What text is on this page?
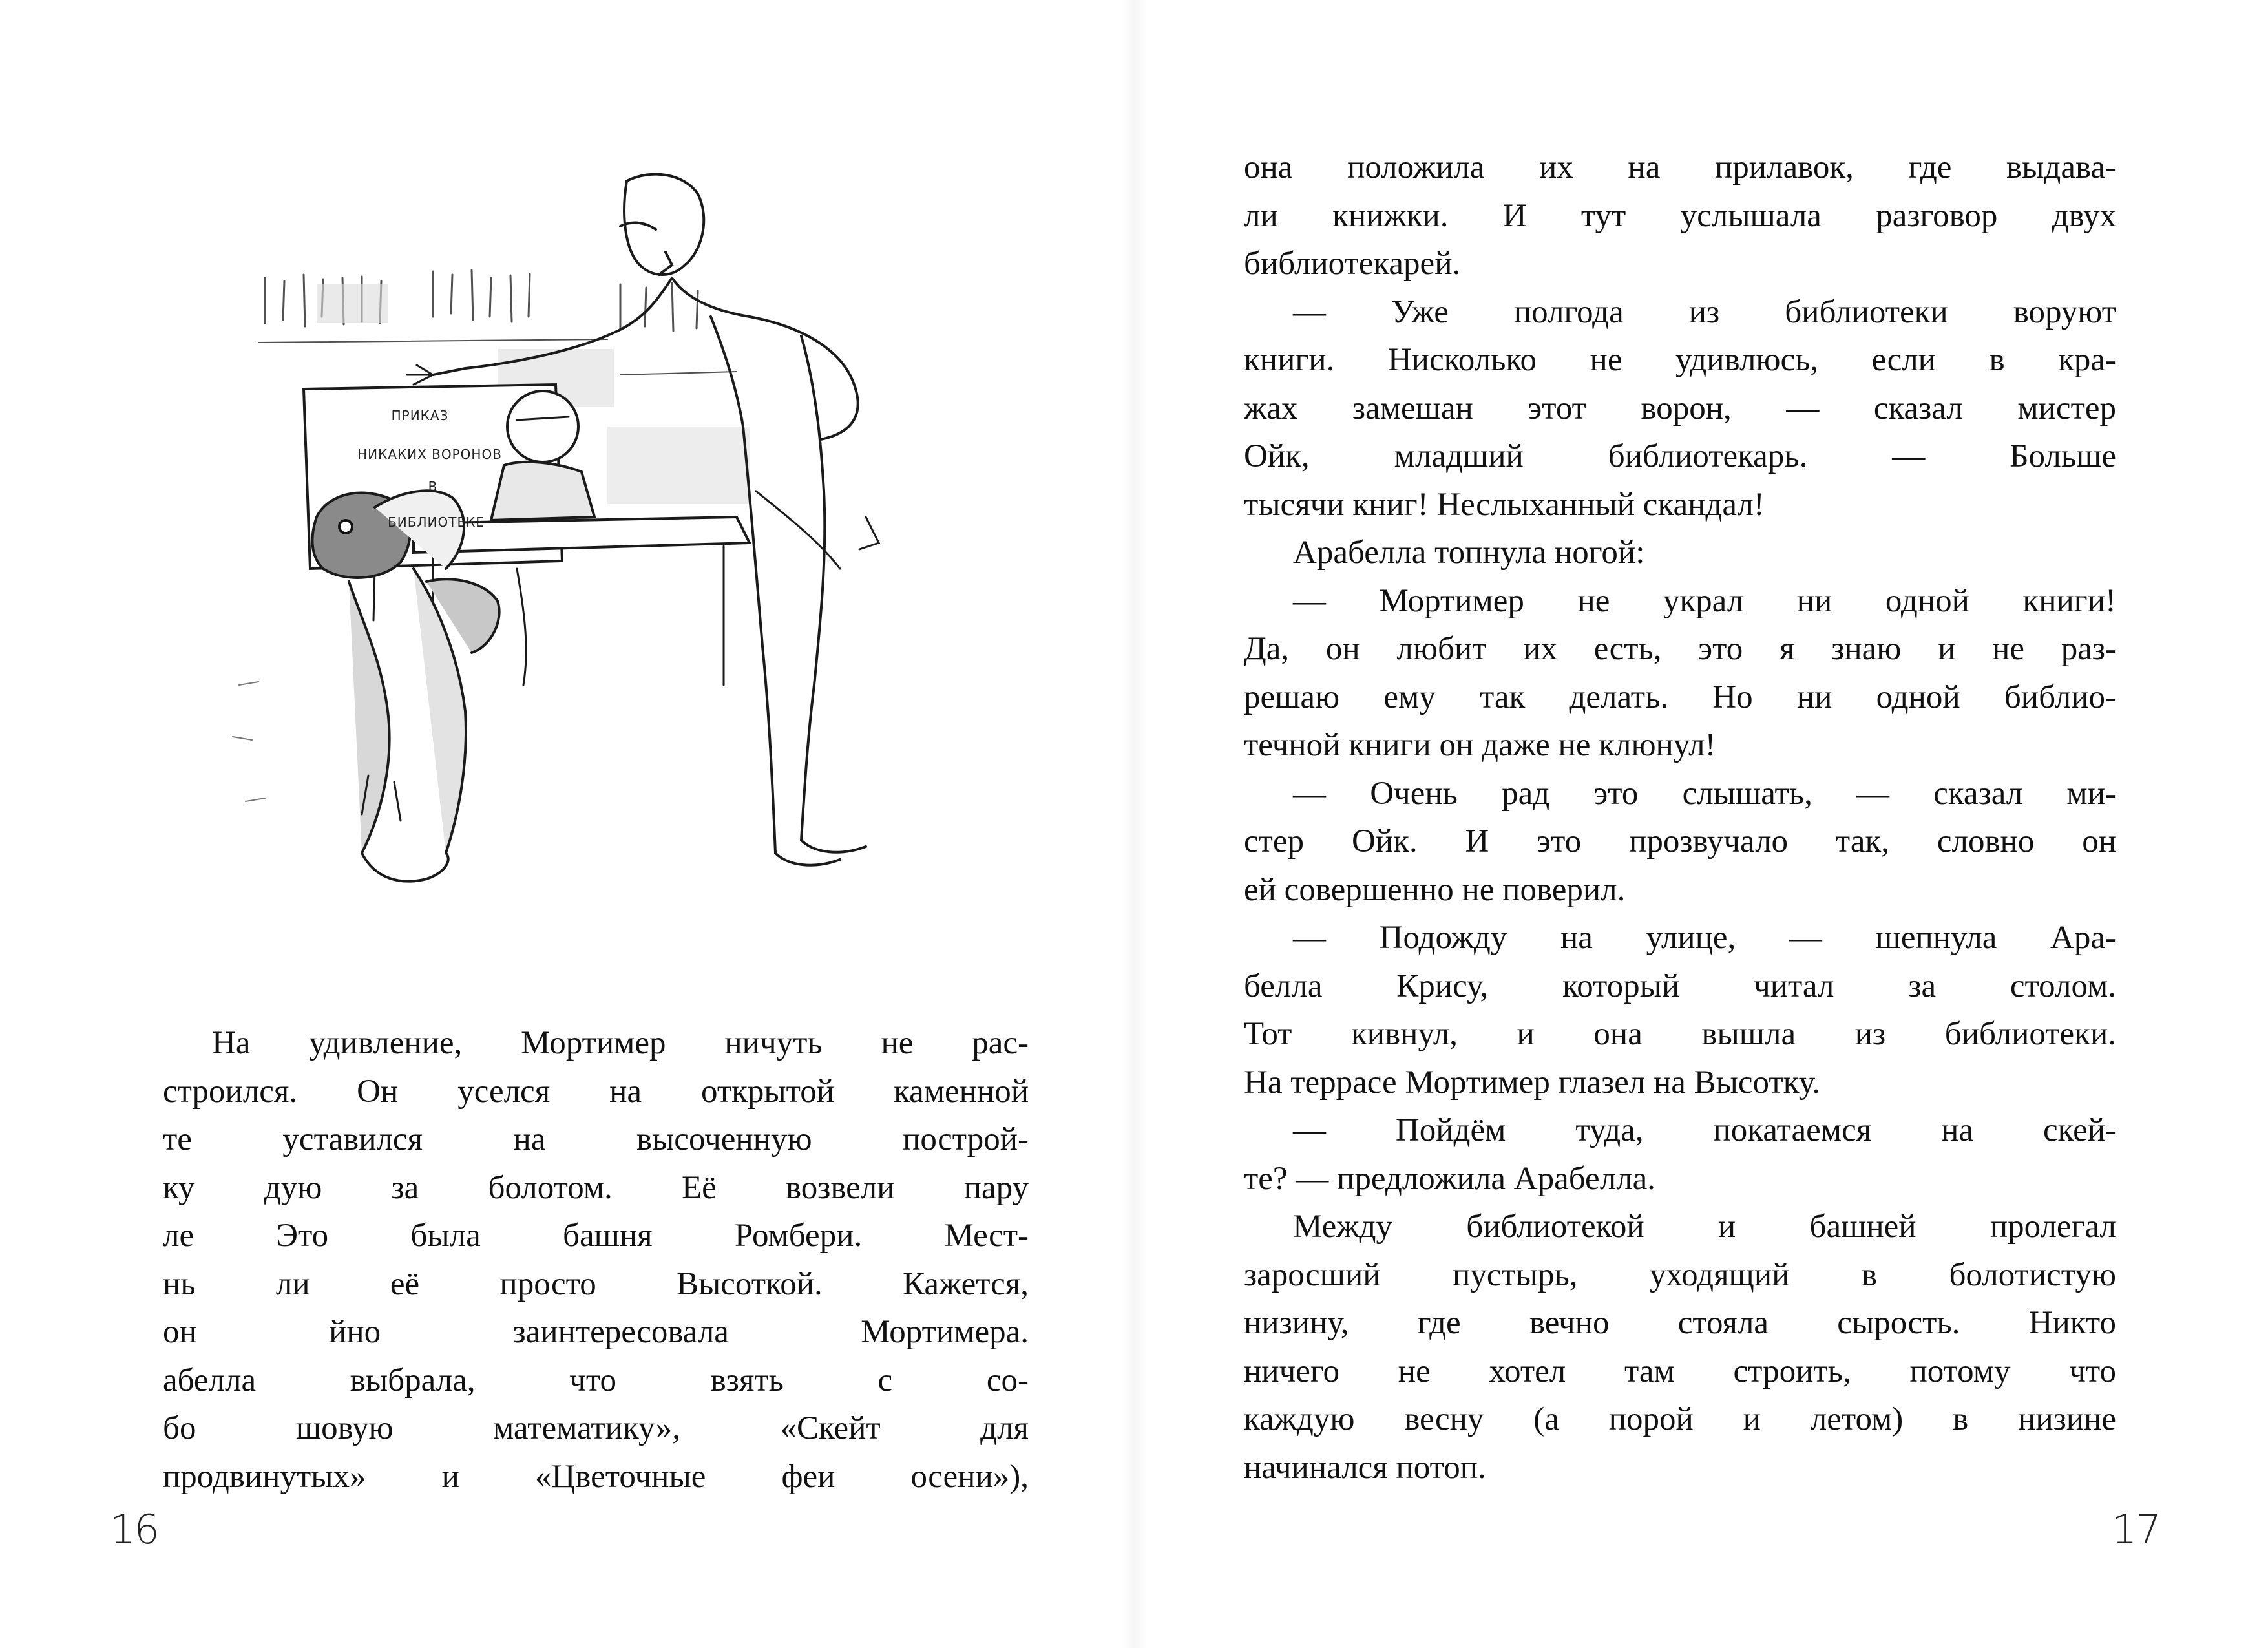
ПРИКАЗ
НИКАКИХ ВОРОНОВ
В
БИБЛИОТЕКЕ
На удивление, Мортимер ничуть не рас-
строился. Он уселся на открытой каменной
те уставился на высоченную построй-
ку дую за болотом. Её возвели пару
ле Это была башня Ромбери. Мест-
нь ли её просто Высоткой. Кажется,
он йно заинтересовала Мортимера.
абелла выбрала, что взять с со-
бо шовую математику», «Скейт для
продвинутых» и «Цветочные феи осени»),
16
она положила их на прилавок, где выдава-
ли книжки. И тут услышала разговор двух
библиотекарей.
— Уже полгода из библиотеки воруют
книги. Нисколько не удивлюсь, если в кра-
жах замешан этот ворон, — сказал мистер
Ойк, младший библиотекарь. — Больше
тысячи книг! Неслыханный скандал!
Арабелла топнула ногой:
— Мортимер не украл ни одной книги!
Да, он любит их есть, это я знаю и не раз-
решаю ему так делать. Но ни одной библио-
течной книги он даже не клюнул!
— Очень рад это слышать, — сказал ми-
стер Ойк. И это прозвучало так, словно он
ей совершенно не поверил.
— Подожду на улице, — шепнула Ара-
белла Крису, который читал за столом.
Тот кивнул, и она вышла из библиотеки.
На террасе Мортимер глазел на Высотку.
— Пойдём туда, покатаемся на скей-
те? — предложила Арабелла.
Между библиотекой и башней пролегал
заросший пустырь, уходящий в болотистую
низину, где вечно стояла сырость. Никто
ничего не хотел там строить, потому что
каждую весну (а порой и летом) в низине
начинался потоп.
17
